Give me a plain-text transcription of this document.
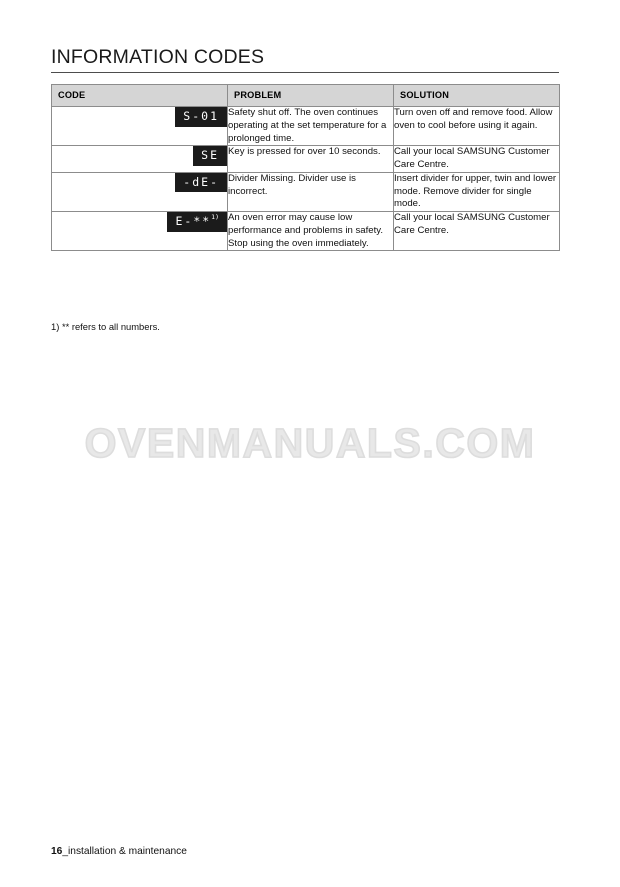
INFORMATION CODES
CODE	PROBLEM	SOLUTION
S-01	Safety shut off. The oven continues operating at the set temperature for a prolonged time.	Turn oven off and remove food. Allow oven to cool before using it again.
SE	Key is pressed for over 10 seconds.	Call your local SAMSUNG Customer Care Centre.
-dE-	Divider Missing. Divider use is incorrect.	Insert divider for upper, twin and lower mode. Remove divider for single mode.
E-**$^{1)}$	An oven error may cause low performance and problems in safety. Stop using the oven immediately.	Call your local SAMSUNG Customer Care Centre.
1) ** refers to all numbers.
OVENMANUALS.COM
16_installation & maintenance
